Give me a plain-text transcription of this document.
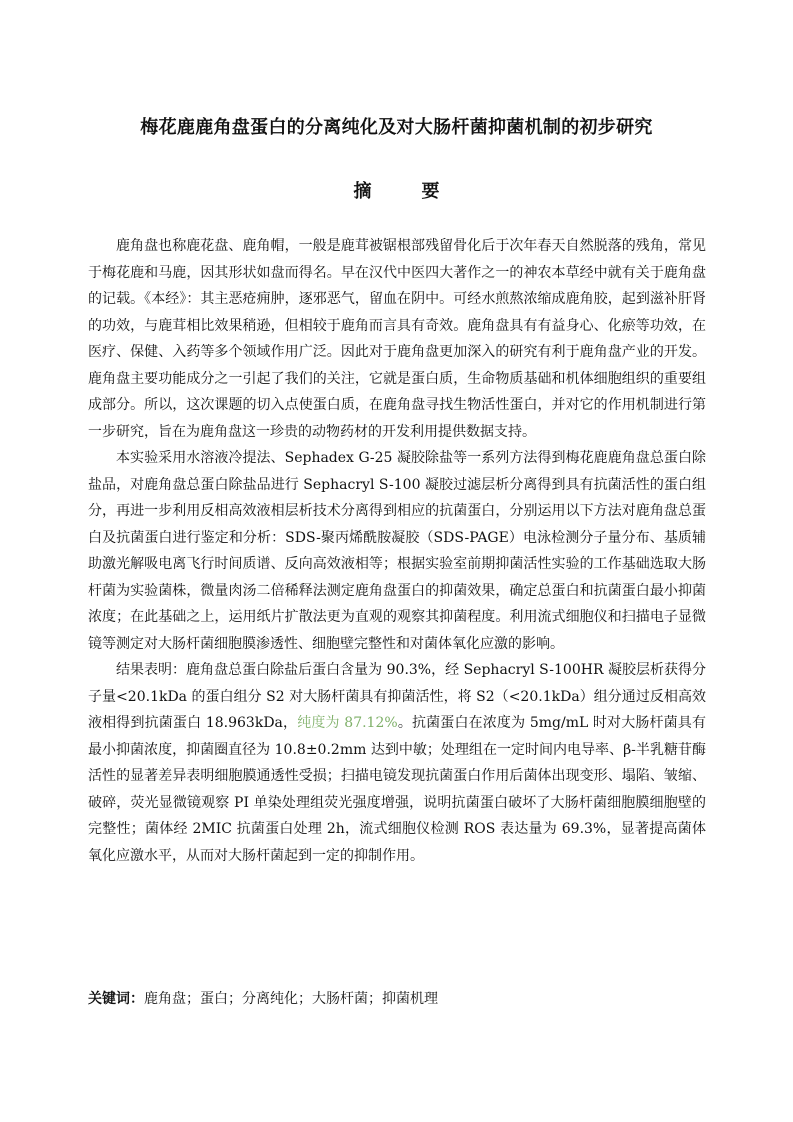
梅花鹿鹿角盘蛋白的分离纯化及对大肠杆菌抑菌机制的初步研究
摘	要

鹿角盘也称鹿花盘、鹿角帽，一般是鹿茸被锯根部残留骨化后于次年春天自然脱落的残角，常见于梅花鹿和马鹿，因其形状如盘而得名。早在汉代中医四大著作之一的神农本草经中就有关于鹿角盘的记载。《本经》：其主恶疮痈肿，逐邪恶气，留血在阴中。可经水煎熬浓缩成鹿角胶，起到滋补肝肾的功效，与鹿茸相比效果稍逊，但相较于鹿角而言具有奇效。鹿角盘具有有益身心、化瘀等功效，在医疗、保健、入药等多个领域作用广泛。因此对于鹿角盘更加深入的研究有利于鹿角盘产业的开发。鹿角盘主要功能成分之一引起了我们的关注，它就是蛋白质，生命物质基础和机体细胞组织的重要组成部分。所以，这次课题的切入点使蛋白质，在鹿角盘寻找生物活性蛋白，并对它的作用机制进行第一步研究，旨在为鹿角盘这一珍贵的动物药材的开发利用提供数据支持。

本实验采用水溶液冷提法、Sephadex G-25 凝胶除盐等一系列方法得到梅花鹿鹿角盘总蛋白除盐品，对鹿角盘总蛋白除盐品进行 Sephacryl S-100 凝胶过滤层析分离得到具有抗菌活性的蛋白组分，再进一步利用反相高效液相层析技术分离得到相应的抗菌蛋白，分别运用以下方法对鹿角盘总蛋白及抗菌蛋白进行鉴定和分析：SDS-聚丙烯酰胺凝胶（SDS-PAGE）电泳检测分子量分布、基质辅助激光解吸电离飞行时间质谱、反向高效液相等；根据实验室前期抑菌活性实验的工作基础选取大肠杆菌为实验菌株，微量肉汤二倍稀释法测定鹿角盘蛋白的抑菌效果，确定总蛋白和抗菌蛋白最小抑菌浓度；在此基础之上，运用纸片扩散法更为直观的观察其抑菌程度。利用流式细胞仪和扫描电子显微镜等测定对大肠杆菌细胞膜渗透性、细胞壁完整性和对菌体氧化应激的影响。

结果表明：鹿角盘总蛋白除盐后蛋白含量为 90.3%，经 Sephacryl S-100HR 凝胶层析获得分子量<20.1kDa 的蛋白组分 S2 对大肠杆菌具有抑菌活性，将 S2（<20.1kDa）组分通过反相高效液相得到抗菌蛋白 18.963kDa，纯度为 87.12%。抗菌蛋白在浓度为 5mg/mL 时对大肠杆菌具有最小抑菌浓度，抑菌圈直径为 10.8±0.2mm 达到中敏；处理组在一定时间内电导率、β-半乳糖苷酶活性的显著差异表明细胞膜通透性受损；扫描电镜发现抗菌蛋白作用后菌体出现变形、塌陷、皱缩、破碎，荧光显微镜观察 PI 单染处理组荧光强度增强，说明抗菌蛋白破坏了大肠杆菌细胞膜细胞壁的完整性；菌体经 2MIC 抗菌蛋白处理 2h，流式细胞仪检测 ROS 表达量为 69.3%，显著提高菌体氧化应激水平，从而对大肠杆菌起到一定的抑制作用。

关键词：鹿角盘；蛋白；分离纯化；大肠杆菌；抑菌机理
